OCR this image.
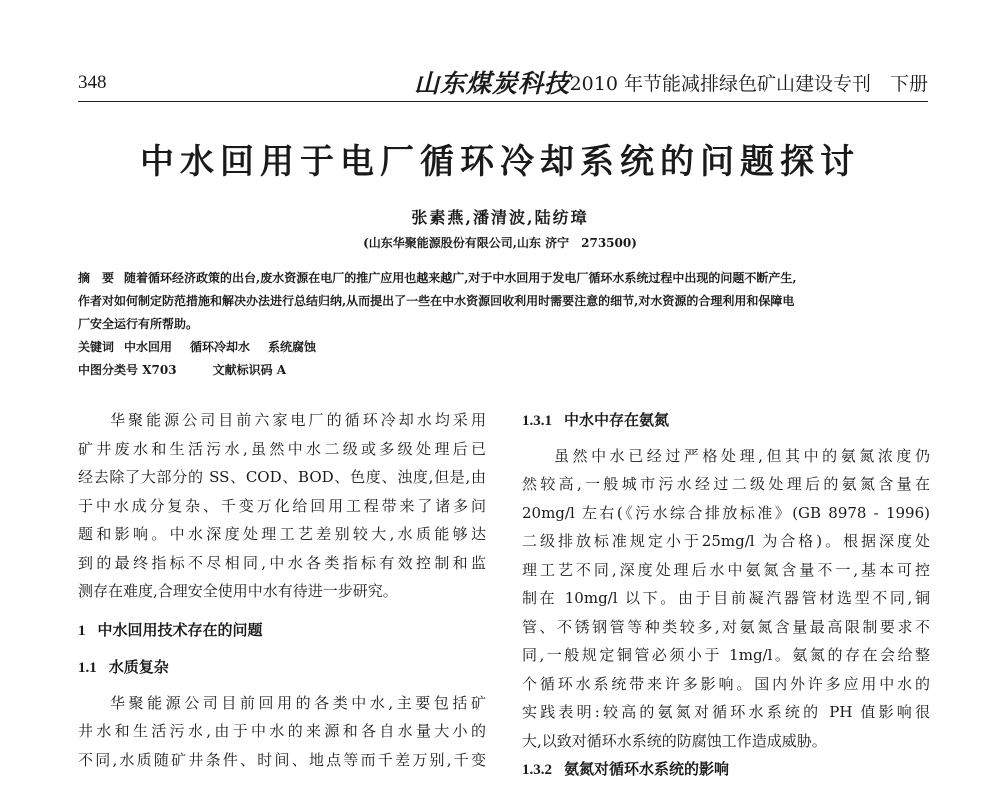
348	山东煤炭科技 2010 年节能减排绿色矿山建设专刊　下册
中水回用于电厂循环冷却系统的问题探讨
张素燕,潘清波,陆纺璋
(山东华聚能源股份有限公司,山东 济宁　273500)

摘　要 随着循环经济政策的出台,废水资源在电厂的推广应用也越来越广,对于中水回用于发电厂循环水系统过程中出现的问题不断产生,

作者对如何制定防范措施和解决办法进行总结归纳,从而提出了一些在中水资源回收利用时需要注意的细节,对水资源的合理利用和保障电

厂安全运行有所帮助。

关键词 中水回用 循环冷却水 系统腐蚀

中图分类号 X703	文献标识码 A

华聚能源公司目前六家电厂的循环冷却水均采用
矿井废水和生活污水,虽然中水二级或多级处理后已
经去除了大部分的 SS、COD、BOD、色度、浊度,但是,由
于中水成分复杂、千变万化给回用工程带来了诸多问
题和影响。中水深度处理工艺差别较大,水质能够达
到的最终指标不尽相同,中水各类指标有效控制和监
测存在难度,合理安全使用中水有待进一步研究。
1 中水回用技术存在的问题
1.1 水质复杂
华聚能源公司目前回用的各类中水,主要包括矿
井水和生活污水,由于中水的来源和各自水量大小的
不同,水质随矿井条件、时间、地点等而千差万别,千变
1.3.1 中水中存在氨氮
虽然中水已经过严格处理,但其中的氨氮浓度仍
然较高,一般城市污水经过二级处理后的氨氮含量在
20mg/l 左右(《污水综合排放标准》(GB 8978 - 1996)
二级排放标准规定小于25mg/l 为合格)。根据深度处
理工艺不同,深度处理后水中氨氮含量不一,基本可控
制在 10mg/l 以下。由于目前凝汽器管材选型不同,铜
管、不锈钢管等种类较多,对氨氮含量最高限制要求不
同,一般规定铜管必须小于 1mg/l。氨氮的存在会给整
个循环水系统带来许多影响。国内外许多应用中水的
实践表明:较高的氨氮对循环水系统的 PH 值影响很
大,以致对循环水系统的防腐蚀工作造成威胁。
1.3.2 氨氮对循环水系统的影响
